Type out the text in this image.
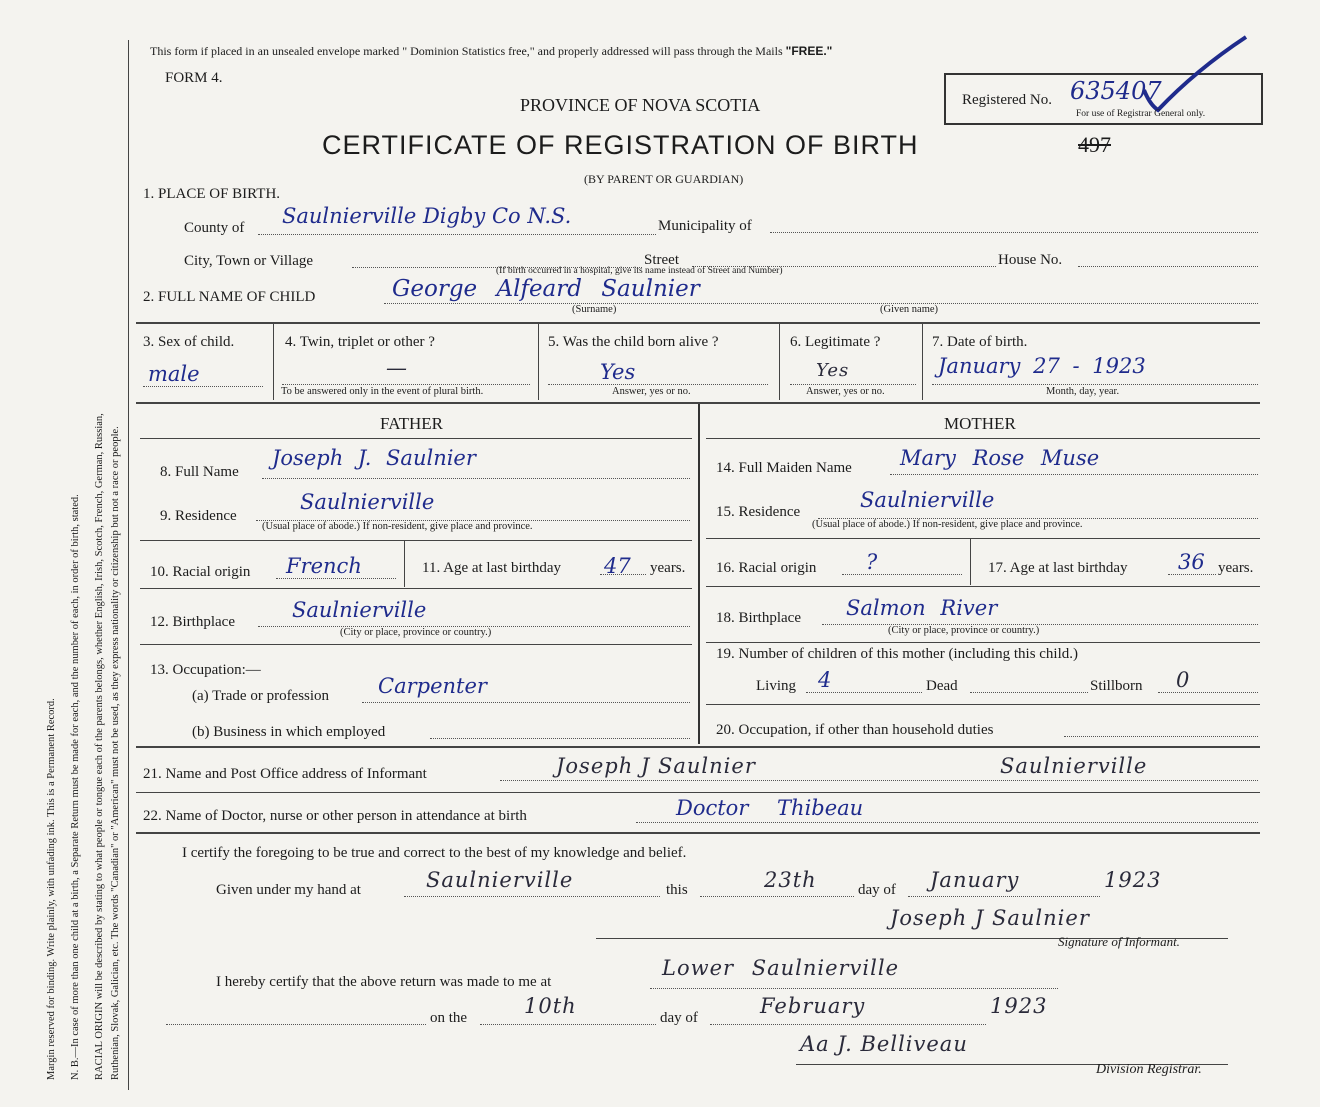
Margin reserved for binding. Write plainly, with unfading ink. This is a Permanent Record. N. B.—In case of more than one child at a birth, a Separate Return must be made for each, and the number of each, in order of birth, stated. RACIAL ORIGIN will be described by stating to what people or tongue each of the parents belongs, whether English, Irish, Scotch, French, German, Russian, Ruthenian, Slovak, Galician, etc. The words "Canadian" or "American" must not be used, as they express nationality or citizenship but not a race or people.
This form if placed in an unsealed envelope marked " Dominion Statistics free," and properly addressed will pass through the Mails "FREE."
FORM 4.
PROVINCE OF NOVA SCOTIA	Registered No. 635407
For use of Registrar General only.
CERTIFICATE OF REGISTRATION OF BIRTH	497
(BY PARENT OR GUARDIAN)
1. PLACE OF BIRTH.
County of Saulnierville Digby Co N.S.	Municipality of
City, Town or Village	Street	House No.
(If birth occurred in a hospital, give its name instead of Street and Number)
2. FULL NAME OF CHILD	George Alfeard Saulnier
(Surname)	(Given name)
3. Sex of child.
male
4. Twin, triplet or other ?
—
To be answered only in the event of plural birth.
5. Was the child born alive ?
Yes
Answer, yes or no.
6. Legitimate ?
Yes
Answer, yes or no.
7. Date of birth.
January 27 - 1923
Month, day, year.
FATHER	MOTHER
8. Full Name
Joseph J. Saulnier
9. Residence
Saulnierville
(Usual place of abode.) If non-resident, give place and province.
10. Racial origin French	11. Age at last birthday 47 years.
12. Birthplace	Saulnierville
(City or place, province or country.)
13. Occupation:—
(a) Trade or profession Carpenter
(b) Business in which employed
14. Full Maiden Name Mary Rose Muse
15. Residence	Saulnierville
(Usual place of abode.) If non-resident, give place and province.
16. Racial origin ?	17. Age at last birthday 36 years.
18. Birthplace Salmon River
(City or place, province or country.)
19. Number of children of this mother (including this child.)
Living 4	Dead	Stillborn 0
20. Occupation, if other than household duties
21. Name and Post Office address of Informant	Joseph J Saulnier	Saulnierville
22. Name of Doctor, nurse or other person in attendance at birth	Doctor Thibeau
I certify the foregoing to be true and correct to the best of my knowledge and belief.
Given under my hand at	Saulnierville	this	23th	day of January	1923
Joseph J Saulnier
Signature of Informant.
I hereby certify that the above return was made to me at
Lower Saulnierville
on the	10th	day of	February	1923
Aa J. Belliveau
Division Registrar.
